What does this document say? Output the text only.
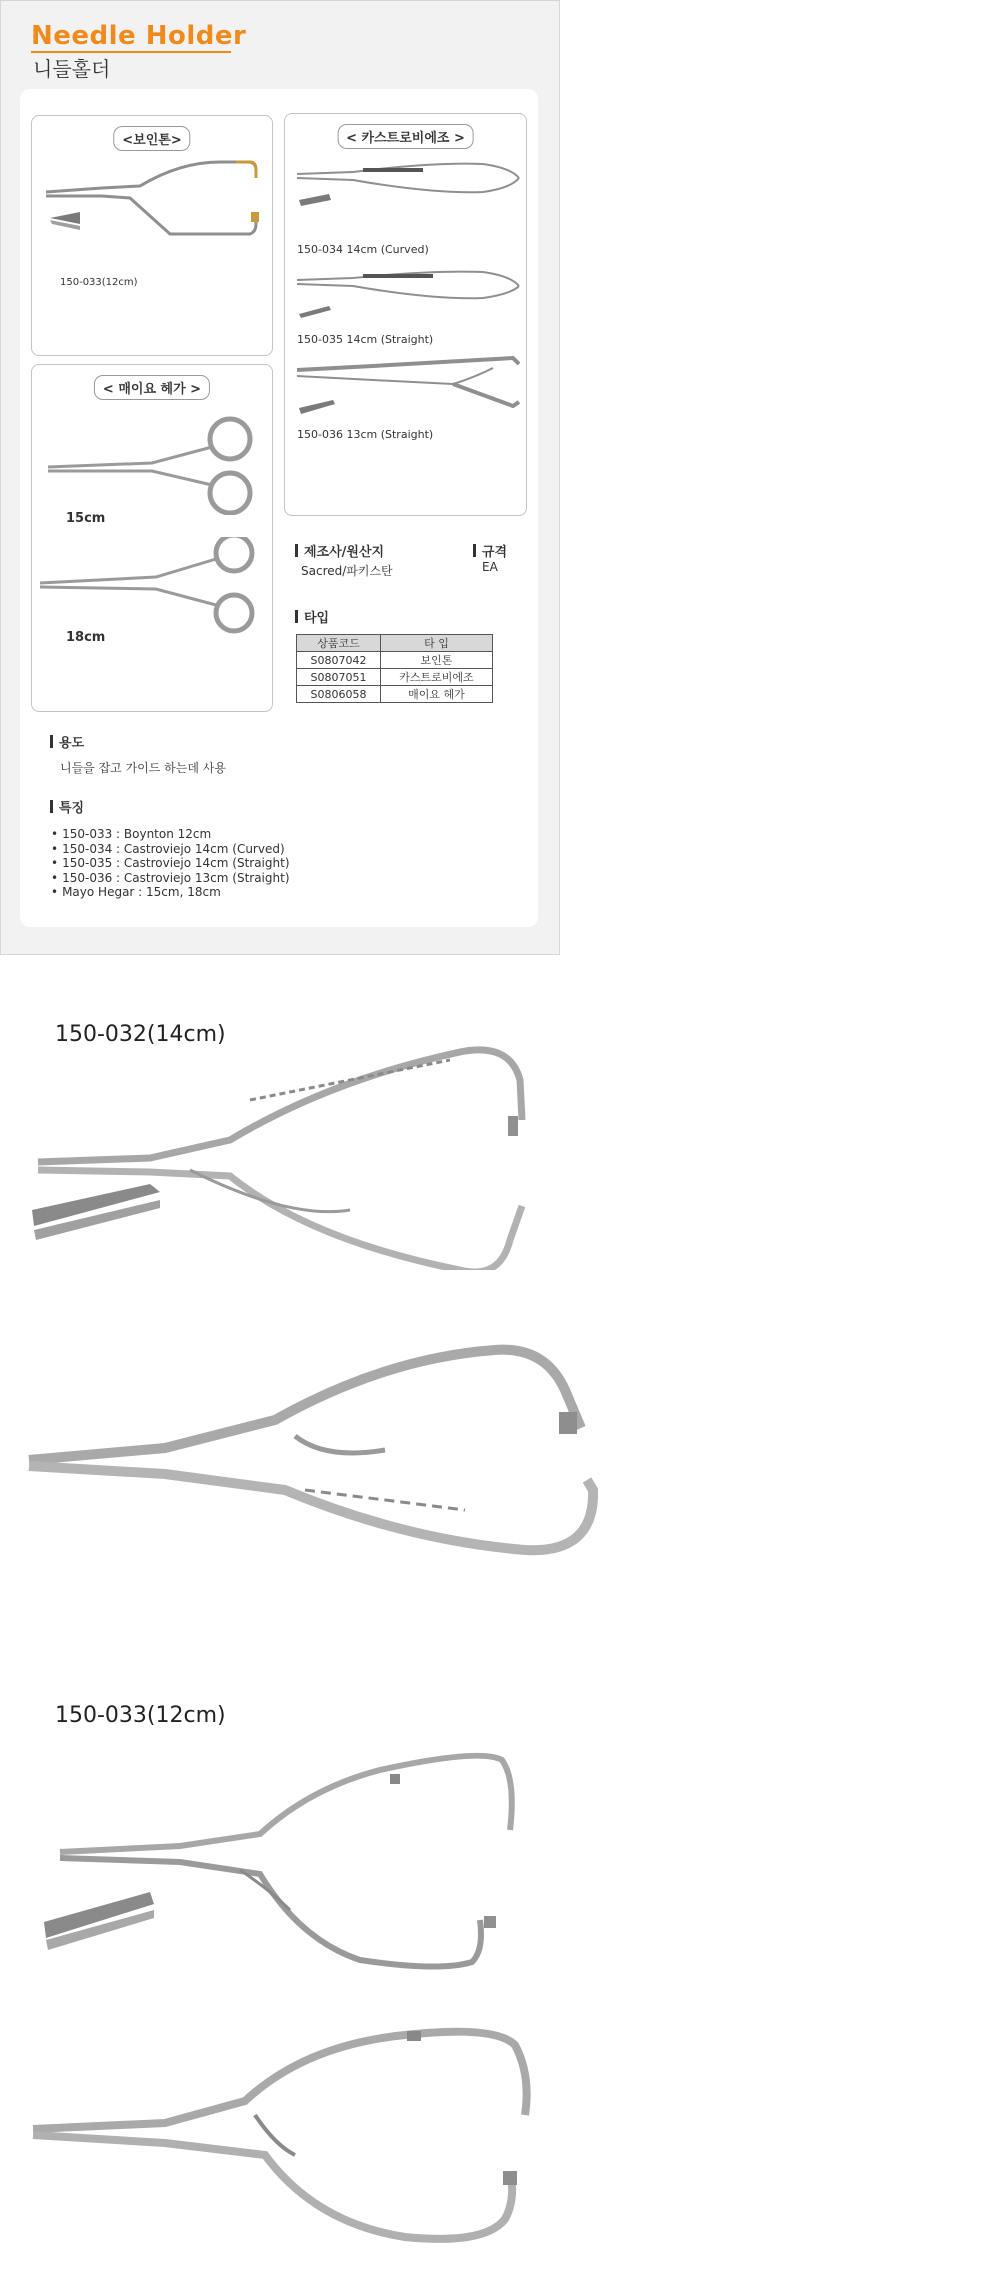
Needle Holder
니들홀더
<보인톤>
150-033(12cm)
< 카스트로비에조 >
150-034 14cm (Curved)
150-035 14cm (Straight)
150-036 13cm (Straight)
< 매이요 헤가 >
15cm
18cm
제조사/원산지
Sacred/파키스탄
규격
EA
타입
용도
니들을 잡고 가이드 하는데 사용
특징
상품코드	타 입
S0807042	보인톤
S0807051	카스트로비에조
S0806058	매이요 헤가
• 150-033 : Boynton 12cm
• 150-034 : Castroviejo 14cm (Curved)
• 150-035 : Castroviejo 14cm (Straight)
• 150-036 : Castroviejo 13cm (Straight)
• Mayo Hegar : 15cm, 18cm
150-032(14cm)
150-033(12cm)
